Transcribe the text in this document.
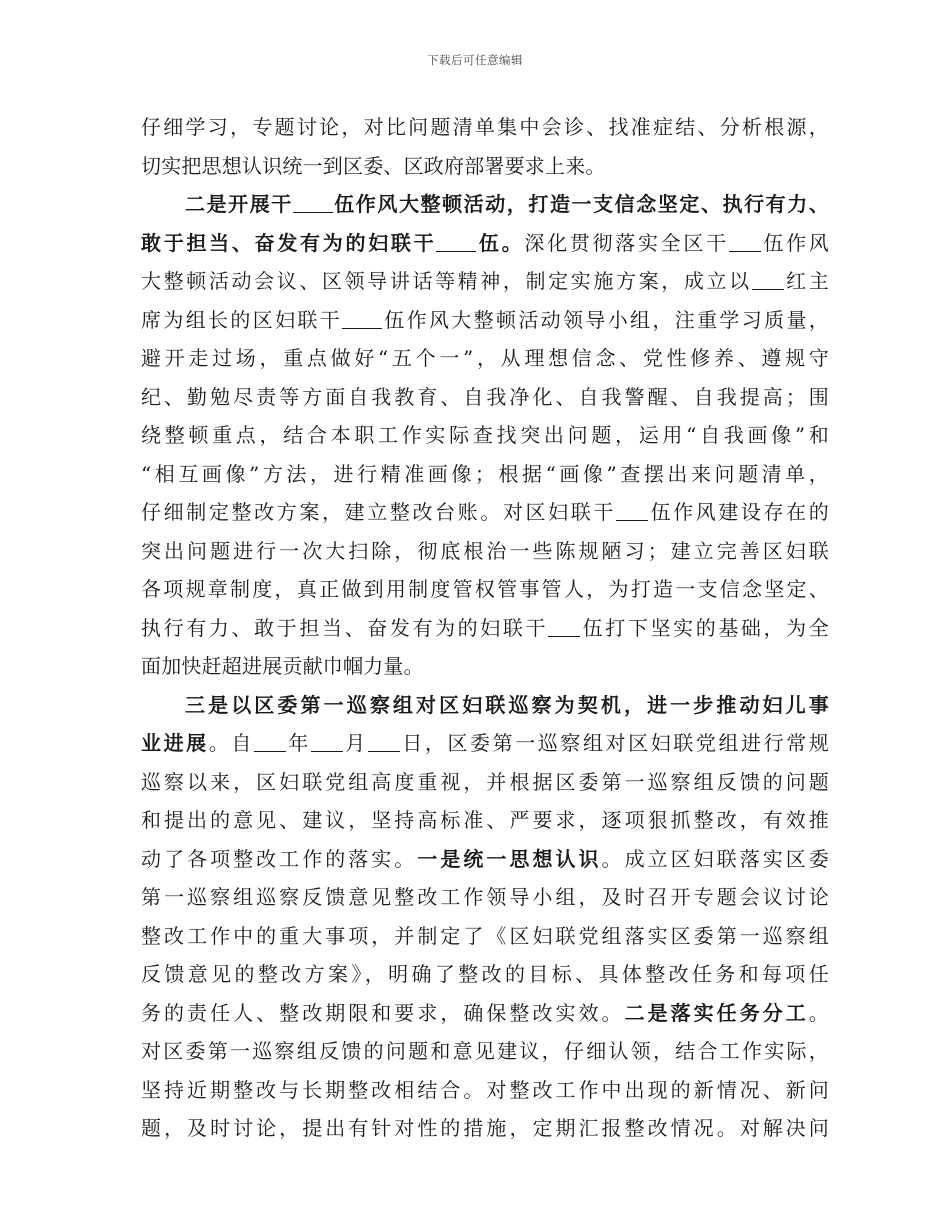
下载后可任意编辑
仔细学习，专题讨论，对比问题清单集中会诊、找准症结、分析根源，
切实把思想认识统一到区委、区政府部署要求上来。
二是开展干 伍作风大整顿活动，打造一支信念坚定、执行有力、
敢于担当、奋发有为的妇联干 伍。深化贯彻落实全区干 伍作风
大整顿活动会议、区领导讲话等精神，制定实施方案，成立以 红主
席为组长的区妇联干 伍作风大整顿活动领导小组，注重学习质量，
避开走过场，重点做好“五个一”，从理想信念、党性修养、遵规守
纪、勤勉尽责等方面自我教育、自我净化、自我警醒、自我提高；围
绕整顿重点，结合本职工作实际查找突出问题，运用“自我画像”和
“相互画像”方法，进行精准画像；根据“画像”查摆出来问题清单，
仔细制定整改方案，建立整改台账。对区妇联干 伍作风建设存在的
突出问题进行一次大扫除，彻底根治一些陈规陋习；建立完善区妇联
各项规章制度，真正做到用制度管权管事管人，为打造一支信念坚定、
执行有力、敢于担当、奋发有为的妇联干 伍打下坚实的基础，为全
面加快赶超进展贡献巾帼力量。
三是以区委第一巡察组对区妇联巡察为契机，进一步推动妇儿事
业进展。自 年 月 日，区委第一巡察组对区妇联党组进行常规
巡察以来，区妇联党组高度重视，并根据区委第一巡察组反馈的问题
和提出的意见、建议，坚持高标准、严要求，逐项狠抓整改，有效推
动了各项整改工作的落实。一是统一思想认识。成立区妇联落实区委
第一巡察组巡察反馈意见整改工作领导小组，及时召开专题会议讨论
整改工作中的重大事项，并制定了《区妇联党组落实区委第一巡察组
反馈意见的整改方案》，明确了整改的目标、具体整改任务和每项任
务的责任人、整改期限和要求，确保整改实效。二是落实任务分工。
对区委第一巡察组反馈的问题和意见建议，仔细认领，结合工作实际，
坚持近期整改与长期整改相结合。对整改工作中出现的新情况、新问
题，及时讨论，提出有针对性的措施，定期汇报整改情况。对解决问
